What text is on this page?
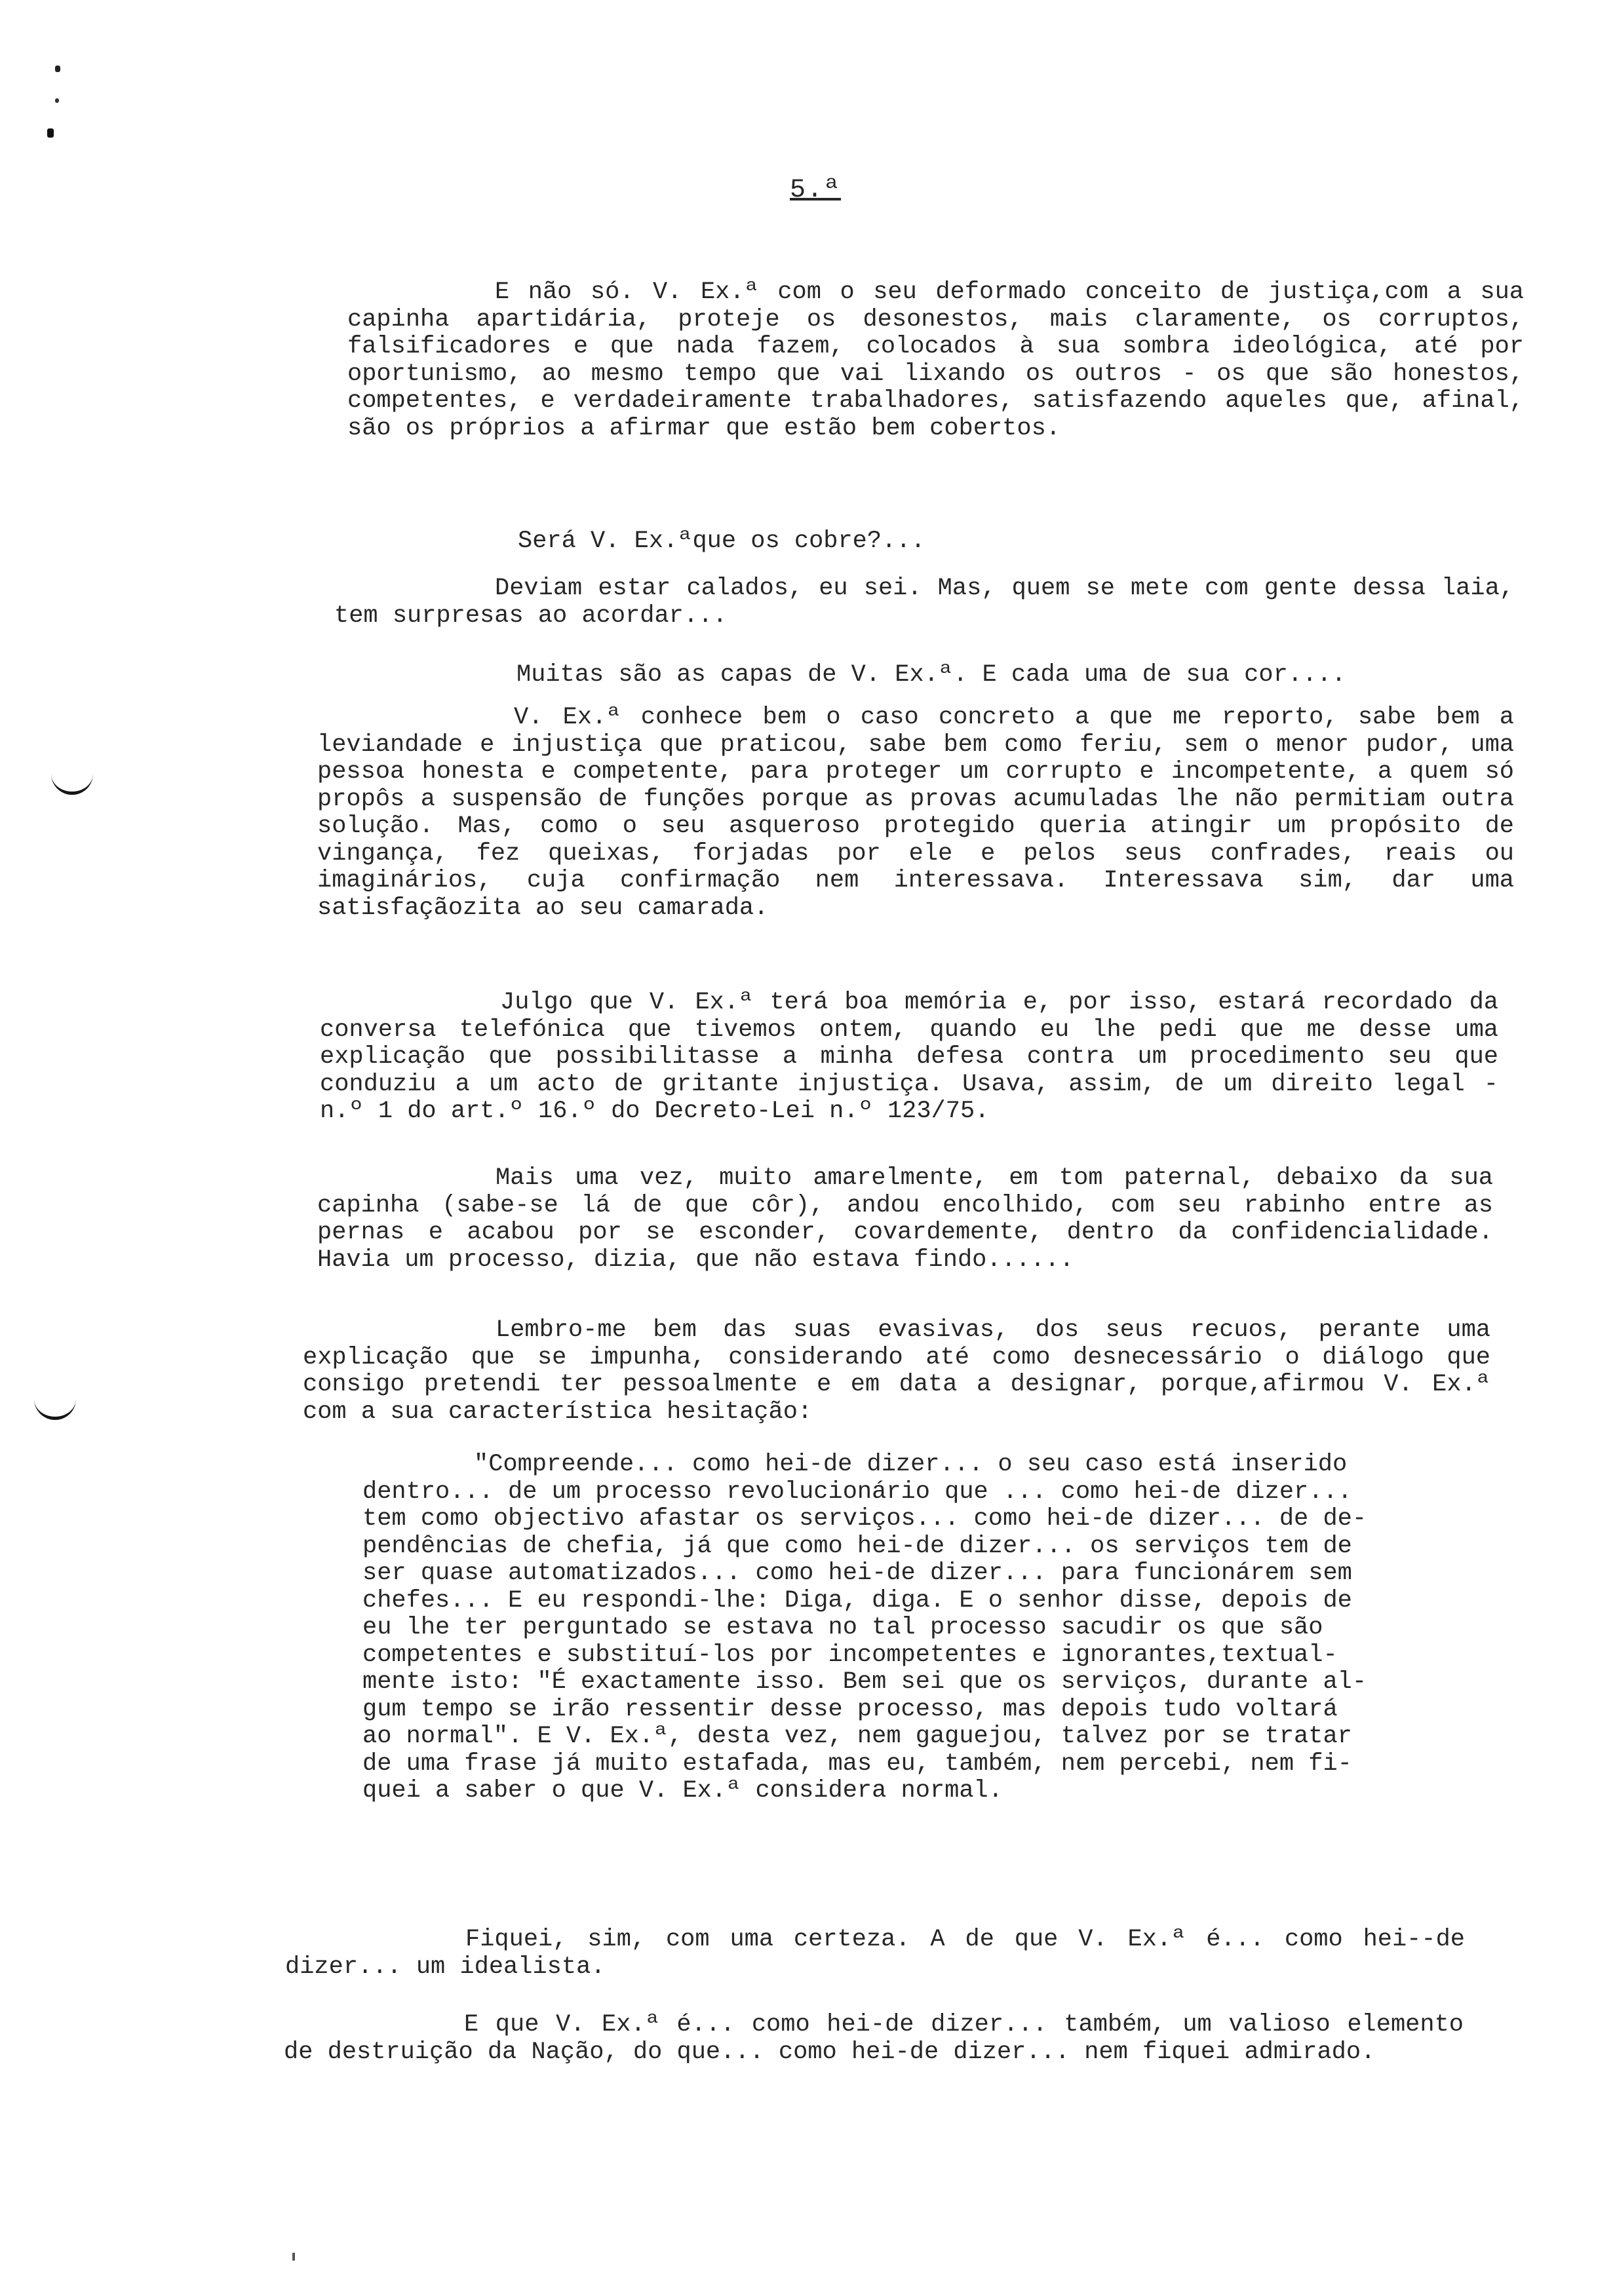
5.ª

E não só. V. Ex.ª com o seu deformado conceito de justiça,com a sua capinha apartidária, proteje os desonestos, mais claramente, os corruptos, falsificadores e que nada fazem, colocados à sua sombra ideológica, até por oportunismo, ao mesmo tempo que vai lixando os outros - os que são honestos, competentes, e verdadeiramente trabalhadores, satisfazendo aqueles que, afinal, são os próprios a afirmar que estão bem cobertos.

Será V. Ex.ªque os cobre?...

Deviam estar calados, eu sei. Mas, quem se mete com gente dessa laia, tem surpresas ao acordar...

Muitas são as capas de V. Ex.ª. E cada uma de sua cor....

V. Ex.ª conhece bem o caso concreto a que me reporto, sabe bem a leviandade e injustiça que praticou, sabe bem como feriu, sem o menor pudor, uma pessoa honesta e competente, para proteger um corrupto e incompetente, a quem só propôs a suspensão de funções porque as provas acumuladas lhe não permitiam outra solução. Mas, como o seu asqueroso protegido queria atingir um propósito de vingança, fez queixas, forjadas por ele e pelos seus confrades, reais ou imaginários, cuja confirmação nem interessava. Interessava sim, dar uma satisfaçãozita ao seu camarada.

Julgo que V. Ex.ª terá boa memória e, por isso, estará recordado da conversa telefónica que tivemos ontem, quando eu lhe pedi que me desse uma explicação que possibilitasse a minha defesa contra um procedimento seu que conduziu a um acto de gritante injustiça. Usava, assim, de um direito legal - n.º 1 do art.º 16.º do Decreto-Lei n.º 123/75.

Mais uma vez, muito amarelmente, em tom paternal, debaixo da sua capinha (sabe-se lá de que côr), andou encolhido, com seu rabinho entre as pernas e acabou por se esconder, covardemente, dentro da confidencialidade. Havia um processo, dizia, que não estava findo......

Lembro-me bem das suas evasivas, dos seus recuos, perante uma explicação que se impunha, considerando até como desnecessário o diálogo que consigo pretendi ter pessoalmente e em data a designar, porque,afirmou V. Ex.ª com a sua característica hesitação:

"Compreende... como hei-de dizer... o seu caso está inserido
dentro... de um processo revolucionário que ... como hei-de dizer...
tem como objectivo afastar os serviços... como hei-de dizer... de de-
pendências de chefia, já que como hei-de dizer... os serviços tem de
ser quase automatizados... como hei-de dizer... para funcionárem sem
chefes... E eu respondi-lhe: Diga, diga. E o senhor disse, depois de
eu lhe ter perguntado se estava no tal processo sacudir os que são
competentes e substituí-los por incompetentes e ignorantes,textual-
mente isto: "É exactamente isso. Bem sei que os serviços, durante al-
gum tempo se irão ressentir desse processo, mas depois tudo voltará
ao normal". E V. Ex.ª, desta vez, nem gaguejou, talvez por se tratar
de uma frase já muito estafada, mas eu, também, nem percebi, nem fi-
quei a saber o que V. Ex.ª considera normal.

Fiquei, sim, com uma certeza. A de que V. Ex.ª é... como hei--de dizer... um idealista.

E que V. Ex.ª é... como hei-de dizer... também, um valioso elemento de destruição da Nação, do que... como hei-de dizer... nem fiquei admirado.
